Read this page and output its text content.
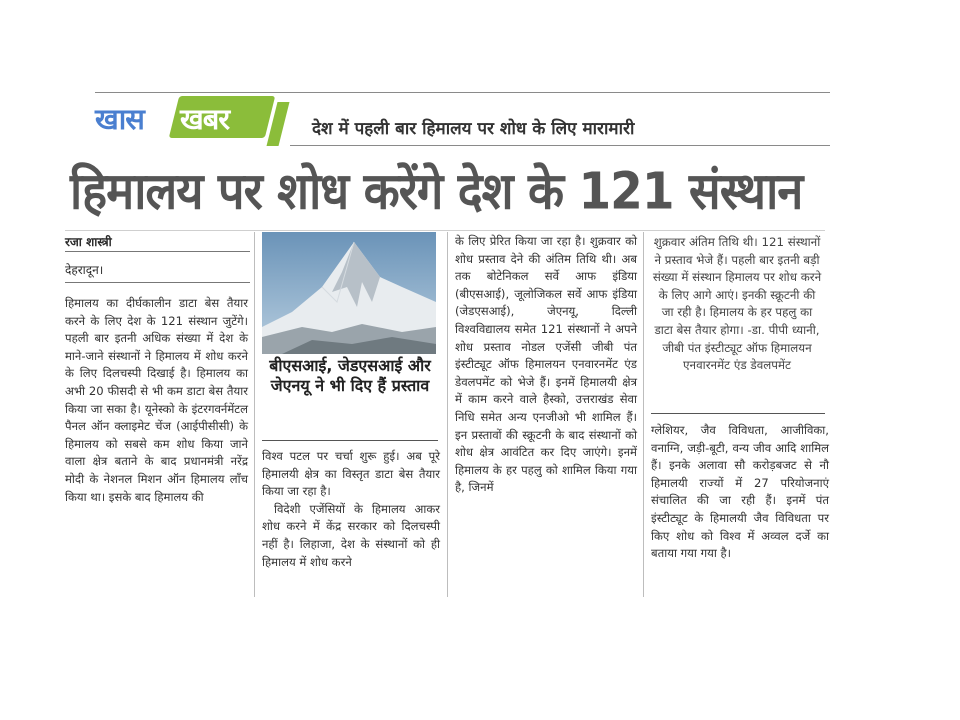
खास खबर	देश में पहली बार हिमालय पर शोध के लिए मारामारी
हिमालय पर शोध करेंगे देश के 121 संस्थान
रजा शास्त्री
देहरादून।

हिमालय का दीर्घकालीन डाटा बेस तैयार करने के लिए देश के 121 संस्थान जुटेंगे। पहली बार इतनी अधिक संख्या में देश के माने-जाने संस्थानों ने हिमालय में शोध करने के लिए दिलचस्पी दिखाई है। हिमालय का अभी 20 फीसदी से भी कम डाटा बेस तैयार किया जा सका है। यूनेस्को के इंटरगवर्नमेंटल पैनल ऑन क्लाइमेट चेंज (आईपीसीसी) के हिमालय को सबसे कम शोध किया जाने वाला क्षेत्र बताने के बाद प्रधानमंत्री नरेंद्र मोदी के नेशनल मिशन ऑन हिमालय लॉंच किया था। इसके बाद हिमालय की

बीएसआई, जेडएसआई और जेएनयू ने भी दिए हैं प्रस्ताव

विश्व पटल पर चर्चा शुरू हुई। अब पूरे हिमालयी क्षेत्र का विस्तृत डाटा बेस तैयार किया जा रहा है।

विदेशी एजेंसियों के हिमालय आकर शोध करने में केंद्र सरकार को दिलचस्पी नहीं है। लिहाजा, देश के संस्थानों को ही हिमालय में शोध करने

के लिए प्रेरित किया जा रहा है। शुक्रवार को शोध प्रस्ताव देने की अंतिम तिथि थी। अब तक बोटेनिकल सर्वे आफ इंडिया (बीएसआई), जूलोजिकल सर्वे आफ इंडिया (जेडएसआई), जेएनयू, दिल्ली विश्वविद्यालय समेत 121 संस्थानों ने अपने शोध प्रस्ताव नोडल एजेंसी जीबी पंत इंस्टीट्यूट ऑफ हिमालयन एनवारनमेंट एंड डेवलपमेंट को भेजे हैं। इनमें हिमालयी क्षेत्र में काम करने वाले हैस्को, उत्तराखंड सेवा निधि समेत अन्य एनजीओ भी शामिल हैं। इन प्रस्तावों की स्क्रूटनी के बाद संस्थानों को शोध क्षेत्र आवंटित कर दिए जाएंगे। इनमें हिमालय के हर पहलु को शामिल किया गया है, जिनमें

शुक्रवार अंतिम तिथि थी। 121 संस्थानों ने प्रस्ताव भेजे हैं। पहली बार इतनी बड़ी संख्या में संस्थान हिमालय पर शोध करने के लिए आगे आएं। इनकी स्क्रूटनी की जा रही है। हिमालय के हर पहलु का डाटा बेस तैयार होगा। -डा. पीपी ध्यानी, जीबी पंत इंस्टीट्यूट ऑफ हिमालयन एनवारनमेंट एंड डेवलपमेंट

ग्लेशियर, जैव विविधता, आजीविका, वनाग्नि, जड़ी-बूटी, वन्य जीव आदि शामिल हैं। इनके अलावा सौ करोड़बजट से नौ हिमालयी राज्यों में 27 परियोजनाएं संचालित की जा रही हैं। इनमें पंत इंस्टीट्यूट के हिमालयी जैव विविधता पर किए शोध को विश्व में अव्वल दर्जे का बताया गया गया है।
